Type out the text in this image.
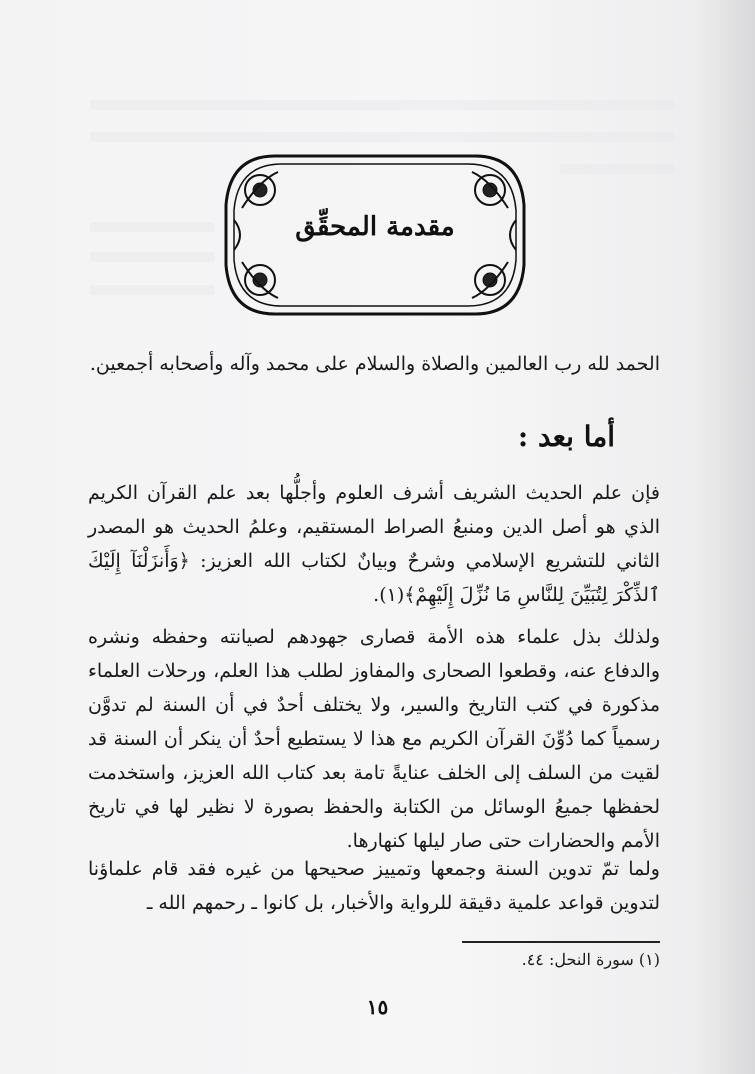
مقدمة المحقِّق
الحمد لله رب العالمين والصلاة والسلام على محمد وآله وأصحابه أجمعين.
أما بعد :
فإن علم الحديث الشريف أشرف العلوم وأجلُّها بعد علم القرآن الكريم الذي هو أصل الدين ومنبعُ الصراط المستقيم، وعلمُ الحديث هو المصدر الثاني للتشريع الإسلامي وشرحٌ وبيانٌ لكتاب الله العزيز: ﴿وَأَنزَلْنَآ إِلَيْكَ ٱلذِّكْرَ لِتُبَيِّنَ لِلنَّاسِ مَا نُزِّلَ إِلَيْهِمْ﴾(١).
ولذلك بذل علماء هذه الأمة قصارى جهودهم لصيانته وحفظه ونشره والدفاع عنه، وقطعوا الصحارى والمفاوز لطلب هذا العلم، ورحلات العلماء مذكورة في كتب التاريخ والسير، ولا يختلف أحدٌ في أن السنة لم تدوَّن رسمياً كما دُوِّنَ القرآن الكريم مع هذا لا يستطيع أحدٌ أن ينكر أن السنة قد لقيت من السلف إلى الخلف عنايةً تامة بعد كتاب الله العزيز، واستخدمت لحفظها جميعُ الوسائل من الكتابة والحفظ بصورة لا نظير لها في تاريخ الأمم والحضارات حتى صار ليلها كنهارها.
ولما تمّ تدوين السنة وجمعها وتمييز صحيحها من غيره فقد قام علماؤنا لتدوين قواعد علمية دقيقة للرواية والأخبار، بل كانوا ـ رحمهم الله ـ
(١) سورة النحل: ٤٤.
١٥
